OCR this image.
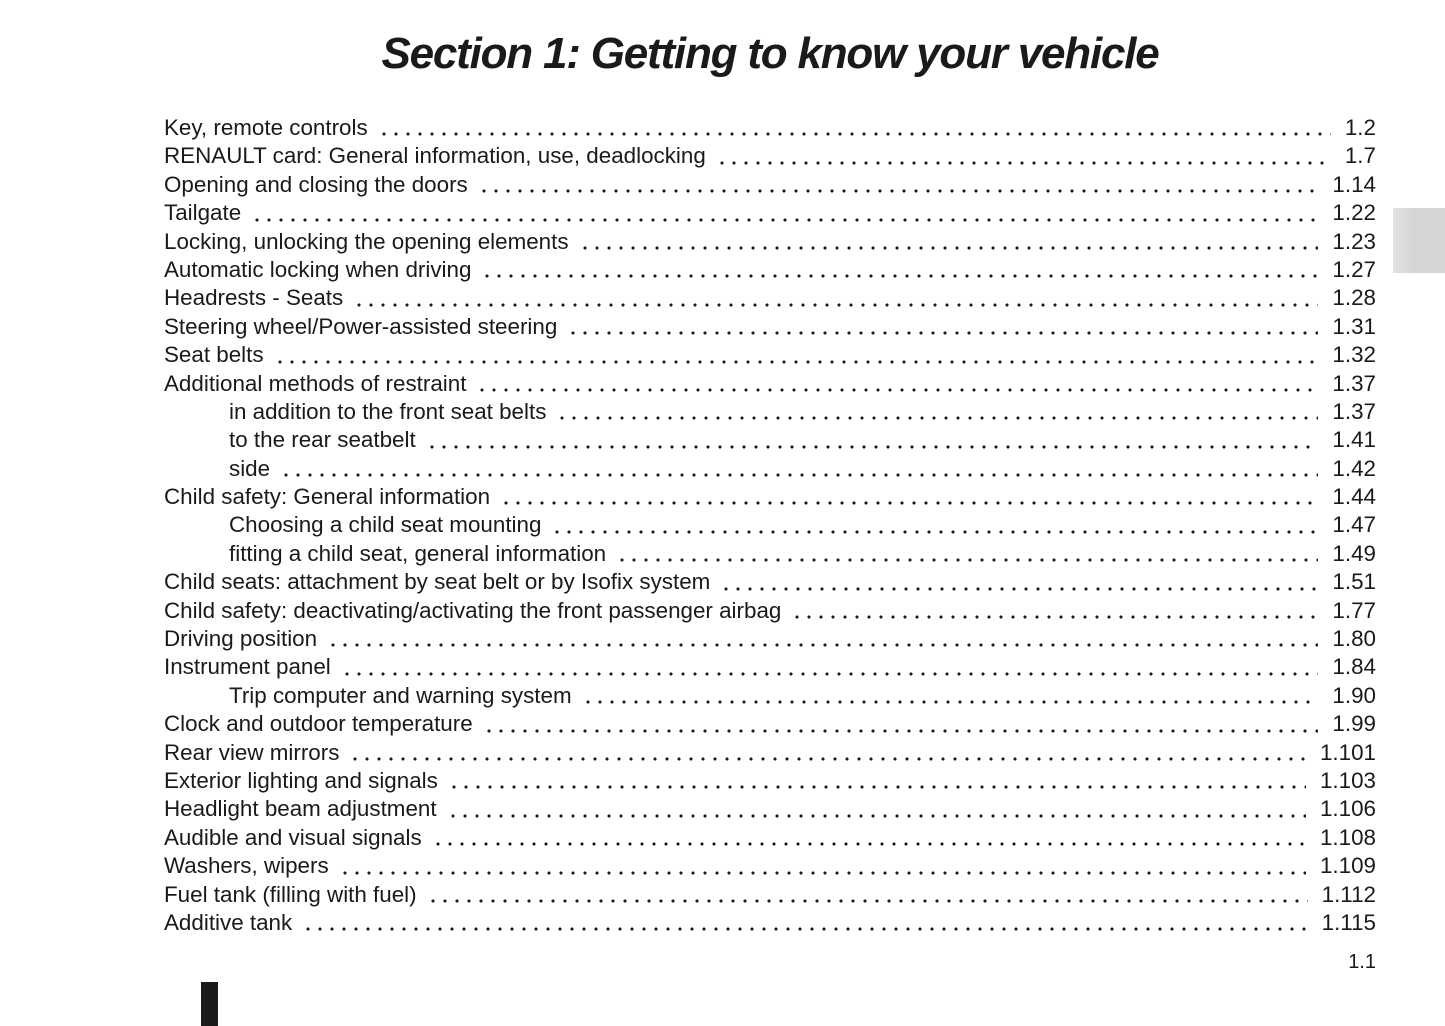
Section 1: Getting to know your vehicle
Key, remote controls	1.2
RENAULT card: General information, use, deadlocking	1.7
Opening and closing the doors	1.14
Tailgate	1.22
Locking, unlocking the opening elements	1.23
Automatic locking when driving	1.27
Headrests - Seats	1.28
Steering wheel/Power-assisted steering	1.31
Seat belts	1.32
Additional methods of restraint	1.37
in addition to the front seat belts	1.37
to the rear seatbelt	1.41
side	1.42
Child safety: General information	1.44
Choosing a child seat mounting	1.47
fitting a child seat, general information	1.49
Child seats: attachment by seat belt or by Isofix system	1.51
Child safety: deactivating/activating the front passenger airbag	1.77
Driving position	1.80
Instrument panel	1.84
Trip computer and warning system	1.90
Clock and outdoor temperature	1.99
Rear view mirrors	1.101
Exterior lighting and signals	1.103
Headlight beam adjustment	1.106
Audible and visual signals	1.108
Washers, wipers	1.109
Fuel tank (filling with fuel)	1.112
Additive tank	1.115
1.1
